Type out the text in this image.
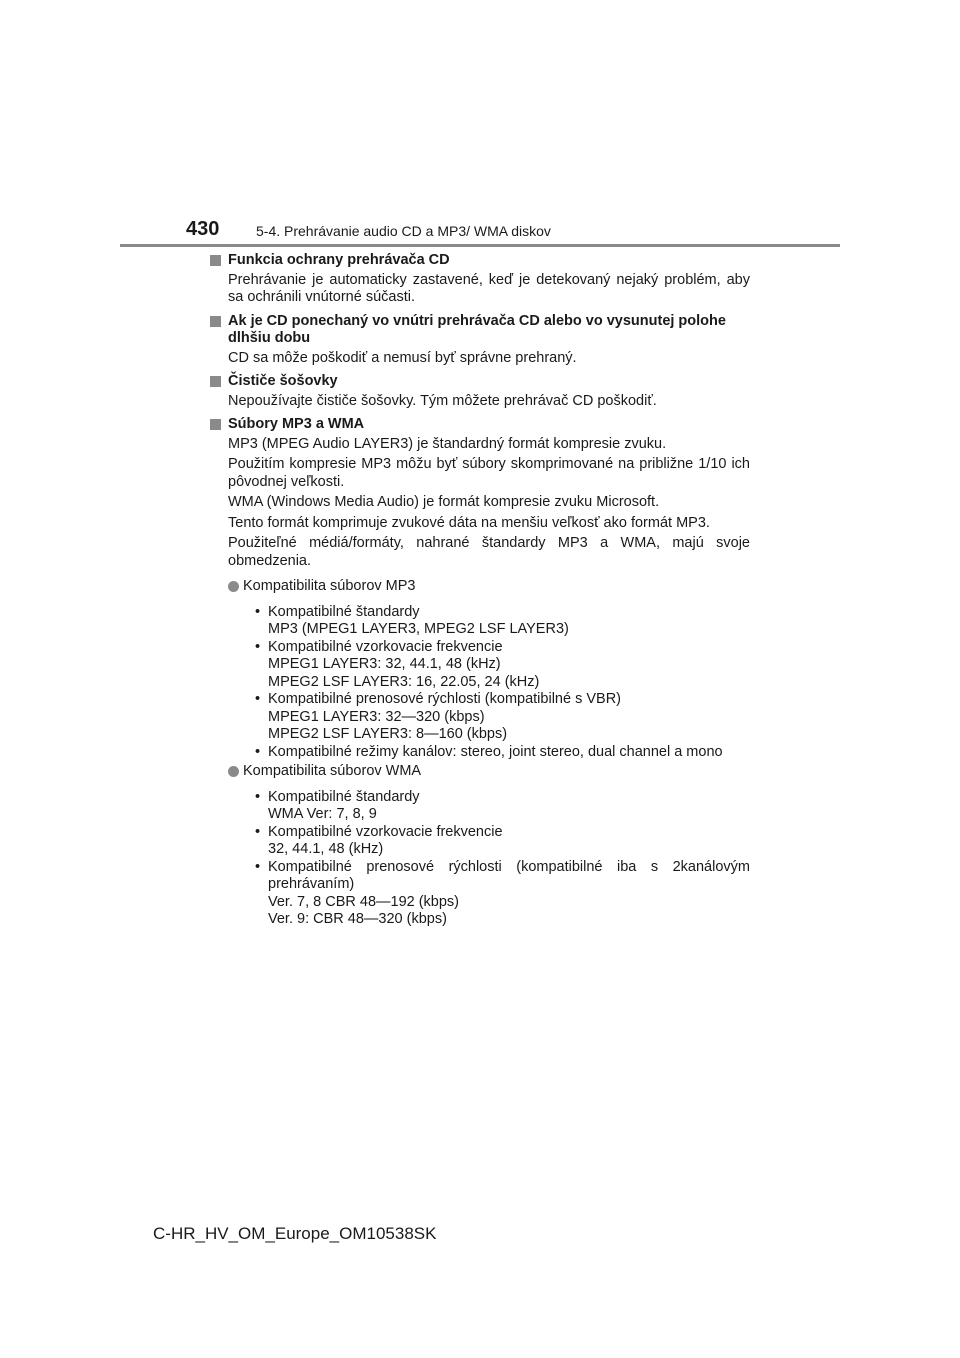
430	5-4. Prehrávanie audio CD a MP3/ WMA diskov
Funkcia ochrany prehrávača CD
Prehrávanie je automaticky zastavené, keď je detekovaný nejaký problém, aby sa ochránili vnútorné súčasti.
Ak je CD ponechaný vo vnútri prehrávača CD alebo vo vysunutej polohe dlhšiu dobu
CD sa môže poškodiť a nemusí byť správne prehraný.
Čističe šošovky
Nepoužívajte čističe šošovky. Tým môžete prehrávač CD poškodiť.
Súbory MP3 a WMA
MP3 (MPEG Audio LAYER3) je štandardný formát kompresie zvuku.
Použitím kompresie MP3 môžu byť súbory skomprimované na približne 1/10 ich pôvodnej veľkosti.
WMA (Windows Media Audio) je formát kompresie zvuku Microsoft.
Tento formát komprimuje zvukové dáta na menšiu veľkosť ako formát MP3.
Použiteľné médiá/formáty, nahrané štandardy MP3 a WMA, majú svoje obmedzenia.
Kompatibilita súborov MP3
• Kompatibilné štandardy
MP3 (MPEG1 LAYER3, MPEG2 LSF LAYER3)
• Kompatibilné vzorkovacie frekvencie
MPEG1 LAYER3: 32, 44.1, 48 (kHz)
MPEG2 LSF LAYER3: 16, 22.05, 24 (kHz)
• Kompatibilné prenosové rýchlosti (kompatibilné s VBR)
MPEG1 LAYER3: 32—320 (kbps)
MPEG2 LSF LAYER3: 8—160 (kbps)
• Kompatibilné režimy kanálov: stereo, joint stereo, dual channel a mono
Kompatibilita súborov WMA
• Kompatibilné štandardy
WMA Ver: 7, 8, 9
• Kompatibilné vzorkovacie frekvencie
32, 44.1, 48 (kHz)
• Kompatibilné prenosové rýchlosti (kompatibilné iba s 2kanálovým prehrávaním)
Ver. 7, 8 CBR 48—192 (kbps)
Ver. 9: CBR 48—320 (kbps)
C-HR_HV_OM_Europe_OM10538SK
